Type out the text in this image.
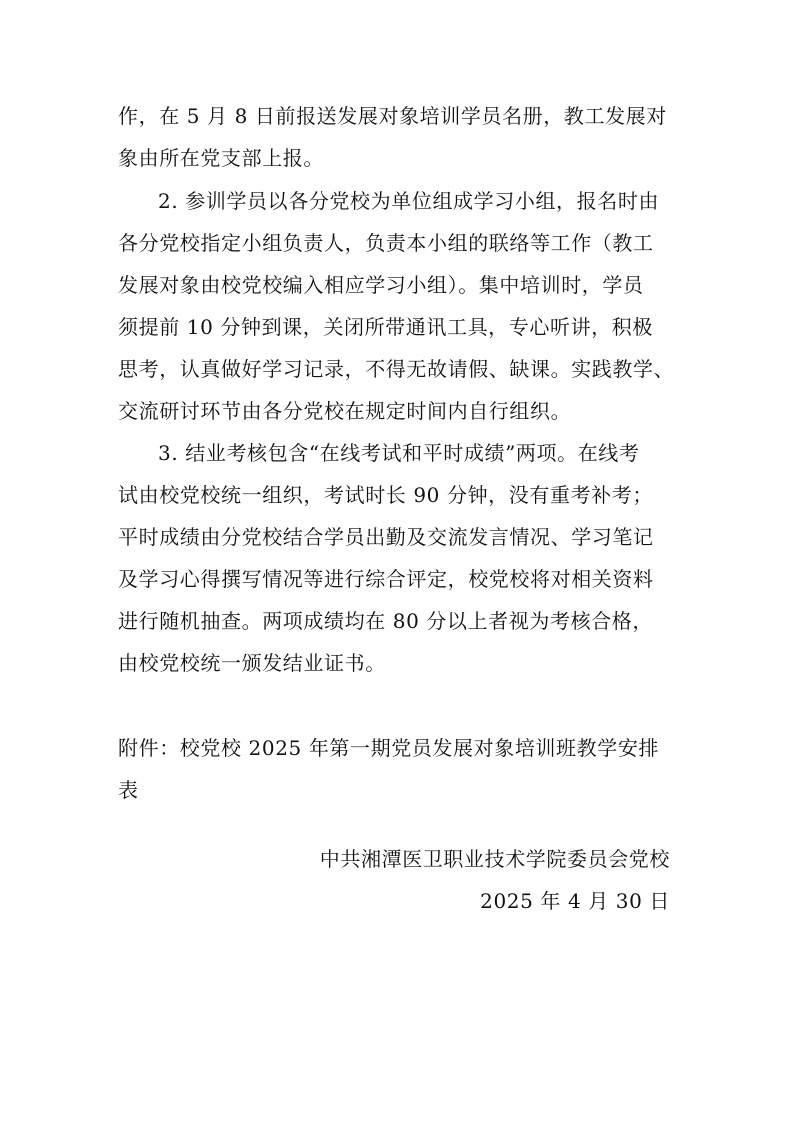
作，在 5 月 8 日前报送发展对象培训学员名册，教工发展对
象由所在党支部上报。
2. 参训学员以各分党校为单位组成学习小组，报名时由
各分党校指定小组负责人，负责本小组的联络等工作（教工
发展对象由校党校编入相应学习小组）。集中培训时，学员
须提前 10 分钟到课，关闭所带通讯工具，专心听讲，积极
思考，认真做好学习记录，不得无故请假、缺课。实践教学、
交流研讨环节由各分党校在规定时间内自行组织。
3. 结业考核包含“在线考试和平时成绩”两项。在线考
试由校党校统一组织，考试时长 90 分钟，没有重考补考；
平时成绩由分党校结合学员出勤及交流发言情况、学习笔记
及学习心得撰写情况等进行综合评定，校党校将对相关资料
进行随机抽查。两项成绩均在 80 分以上者视为考核合格，
由校党校统一颁发结业证书。
附件：校党校 2025 年第一期党员发展对象培训班教学安排
表
中共湘潭医卫职业技术学院委员会党校
2025 年 4 月 30 日
